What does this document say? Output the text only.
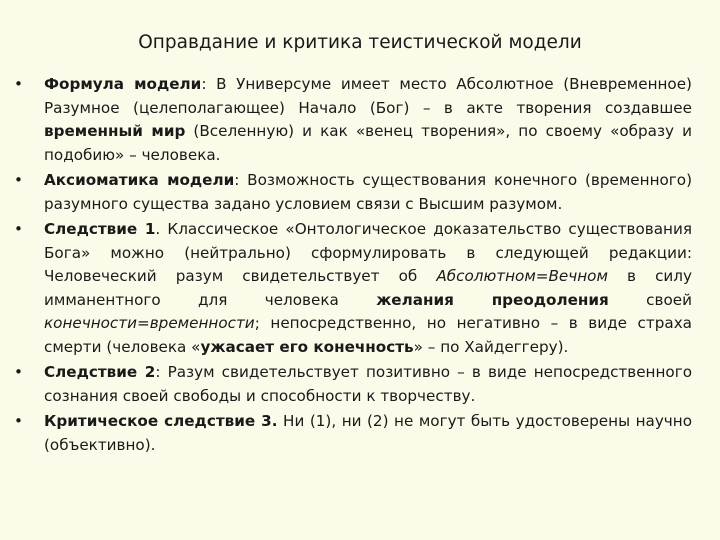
Оправдание и критика теистической модели
• Формула модели: В Универсуме имеет место Абсолютное (Вневременное) Разумное (целеполагающее) Начало (Бог) – в акте творения создавшее временный мир (Вселенную) и как «венец творения», по своему «образу и подобию» – человека.
• Аксиоматика модели: Возможность существования конечного (временного) разумного существа задано условием связи с Высшим разумом.
• Следствие 1. Классическое «Онтологическое доказательство существования Бога» можно (нейтрально) сформулировать в следующей редакции: Человеческий разум свидетельствует об Абсолютном=Вечном в силу имманентного для человека желания преодоления своей конечности=временности; непосредственно, но негативно – в виде страха смерти (человека «ужасает его конечность» – по Хайдеггеру).
• Следствие 2: Разум свидетельствует позитивно – в виде непосредственного сознания своей свободы и способности к творчеству.
• Критическое следствие 3. Ни (1), ни (2) не могут быть удостоверены научно (объективно).
